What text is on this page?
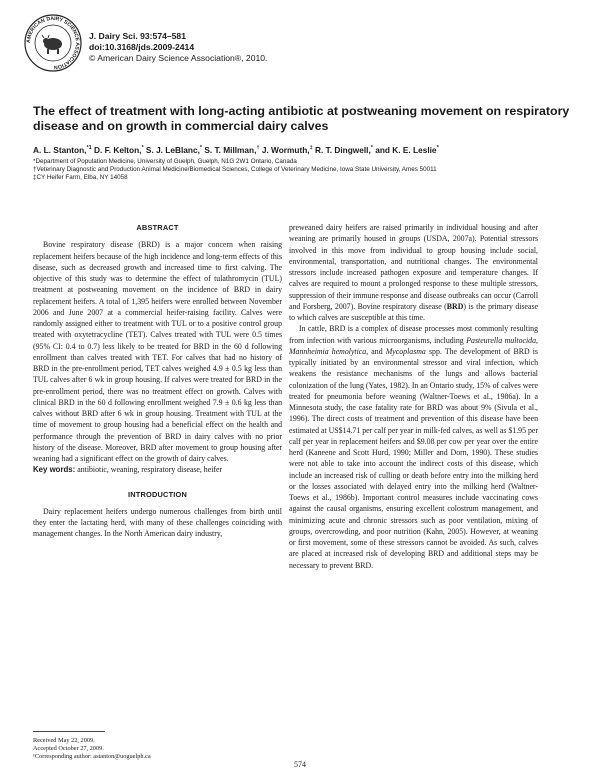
AMERICAN DAIRY SCIENCE ASSOCIATION
J. Dairy Sci. 93:574–581
doi:10.3168/jds.2009-2414
© American Dairy Science Association®, 2010.
The effect of treatment with long-acting antibiotic at postweaning movement on respiratory disease and on growth in commercial dairy calves
A. L. Stanton,$^{*1}$ D. F. Kelton,* S. J. LeBlanc,* S. T. Millman,† J. Wormuth,‡ R. T. Dingwell,* and K. E. Leslie*
*Department of Population Medicine, University of Guelph, Guelph, N1G 2W1 Ontario, Canada
†Veterinary Diagnostic and Production Animal Medicine/Biomedical Sciences, College of Veterinary Medicine, Iowa State University, Ames 50011
‡CY Heifer Farm, Elba, NY 14058
ABSTRACT

Bovine respiratory disease (BRD) is a major concern when raising replacement heifers because of the high incidence and long-term effects of this disease, such as decreased growth and increased time to first calving. The objective of this study was to determine the effect of tulathromycin (TUL) treatment at postweaning movement on the incidence of BRD in dairy replacement heifers. A total of 1,395 heifers were enrolled between November 2006 and June 2007 at a commercial heifer-raising facility. Calves were randomly assigned either to treatment with TUL or to a positive control group treated with oxytetracycline (TET). Calves treated with TUL were 0.5 times (95% CI: 0.4 to 0.7) less likely to be treated for BRD in the 60 d following enrollment than calves treated with TET. For calves that had no history of BRD in the pre-enrollment period, TET calves weighed 4.9 ± 0.5 kg less than TUL calves after 6 wk in group housing. If calves were treated for BRD in the pre-enrollment period, there was no treatment effect on growth. Calves with clinical BRD in the 60 d following enrollment weighed 7.9 ± 0.6 kg less than calves without BRD after 6 wk in group housing. Treatment with TUL at the time of movement to group housing had a beneficial effect on the health and performance through the prevention of BRD in dairy calves with no prior history of the disease. Moreover, BRD after movement to group housing after weaning had a significant effect on the growth of dairy calves.

Key words: antibiotic, weaning, respiratory disease, heifer

INTRODUCTION

Dairy replacement heifers undergo numerous challenges from birth until they enter the lactating herd, with many of these challenges coinciding with management changes. In the North American dairy industry,

preweaned dairy heifers are raised primarily in individual housing and after weaning are primarily housed in groups (USDA, 2007a). Potential stressors involved in this move from individual to group housing include social, environmental, transportation, and nutritional changes. The environmental stressors include increased pathogen exposure and temperature changes. If calves are required to mount a prolonged response to these multiple stressors, suppression of their immune response and disease outbreaks can occur (Carroll and Forsberg, 2007). Bovine respiratory disease (BRD) is the primary disease to which calves are susceptible at this time.

In cattle, BRD is a complex of disease processes most commonly resulting from infection with various microorganisms, including Pasteurella multocida, Mannheimia hemolytica, and Mycoplasma spp. The development of BRD is typically initiated by an environmental stressor and viral infection, which weakens the resistance mechanisms of the lungs and allows bacterial colonization of the lung (Yates, 1982). In an Ontario study, 15% of calves were treated for pneumonia before weaning (Waltner-Toews et al., 1986a). In a Minnesota study, the case fatality rate for BRD was about 9% (Sivula et al., 1996). The direct costs of treatment and prevention of this disease have been estimated at US$14.71 per calf per year in milk-fed calves, as well as $1.95 per calf per year in replacement heifers and $9.08 per cow per year over the entire herd (Kaneene and Scott Hurd, 1990; Miller and Dorn, 1990). These studies were not able to take into account the indirect costs of this disease, which include an increased risk of culling or death before entry into the milking herd or the losses associated with delayed entry into the milking herd (Waltner-Toews et al., 1986b). Important control measures include vaccinating cows against the causal organisms, ensuring excellent colostrum management, and minimizing acute and chronic stressors such as poor ventilation, mixing of groups, overcrowding, and poor nutrition (Kahn, 2005). However, at weaning or first movement, some of these stressors cannot be avoided. As such, calves are placed at increased risk of developing BRD and additional steps may be necessary to prevent BRD.

Received May 22, 2009.
Accepted October 27, 2009.
¹Corresponding author: astanton@uoguelph.ca
574
